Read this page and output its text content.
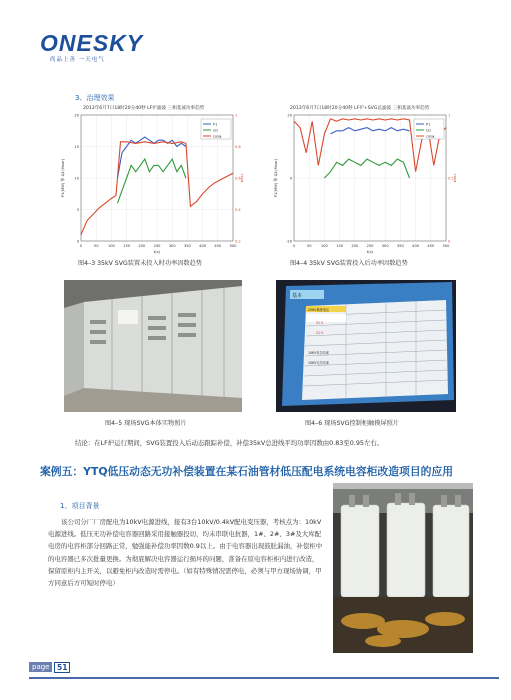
ONESKY
尚晶上善 一天电气
3、治理效果
2013年6月7日18时20分40秒 LF炉滤波 三相基波功率趋势
0	50	100 150 200 250 300 350 400 450 500
0
5
10
15
20
0.2
0.4
0.6
0.8
1
t(s)
P1(MW) 和 Q1(Mvar)	cosφ
P1
Q1
cosφ
2013年6月7日18时20分40秒 LF炉+SVG总滤波 三相基波功率趋势
0	50	100 150 200 250 300 350 400 450 500
-20
0
20
0
0.5
1
t(s)
P1(MW) 和 Q1(Mvar)	cosφ
P1
Q1
cosφ
图4–3 35kV SVG装置未投入时功率因数趋势	图4–4 35kV SVG装置投入后功率因数趋势
基本
20KV系统电压
31.5
21.5
10KV有功功率
10KV无功功率
图4–5 现场SVG本体实物照片	图4–6 现场SVG控制柜触摸屏照片
结论：在LF炉运行期间，SVG装置投入后动态跟踪补偿，补偿35kV总进线平均功率因数由0.83至0.95左右。
案例五：YTQ低压动态无功补偿装置在某石油管材低压配电系统电容柜改造项目的应用
1、项目背景

该公司分厂厂房配电为10kV电源进线，接有3台10kV/0.4kV配电变压器，考核点为：10kV电源进线。低压无功补偿电容器回路采用接触器投切，均未串联电抗器，1#、2#、3#及大库配电房的电容柜部分回路正常，勉强能补偿功率因数0.9以上。由于电容器出现鼓肚漏油，补偿柜中的电容器已多次批量更换。为彻底解决电容器运行损坏的问题，准备在原电容柜柜内进行改造，保留原柜内主开关，以避免柜内改造时需停电。（如有特殊情况需停电，必须与甲方现场协调，甲方同意后方可短时停电）

page	51
